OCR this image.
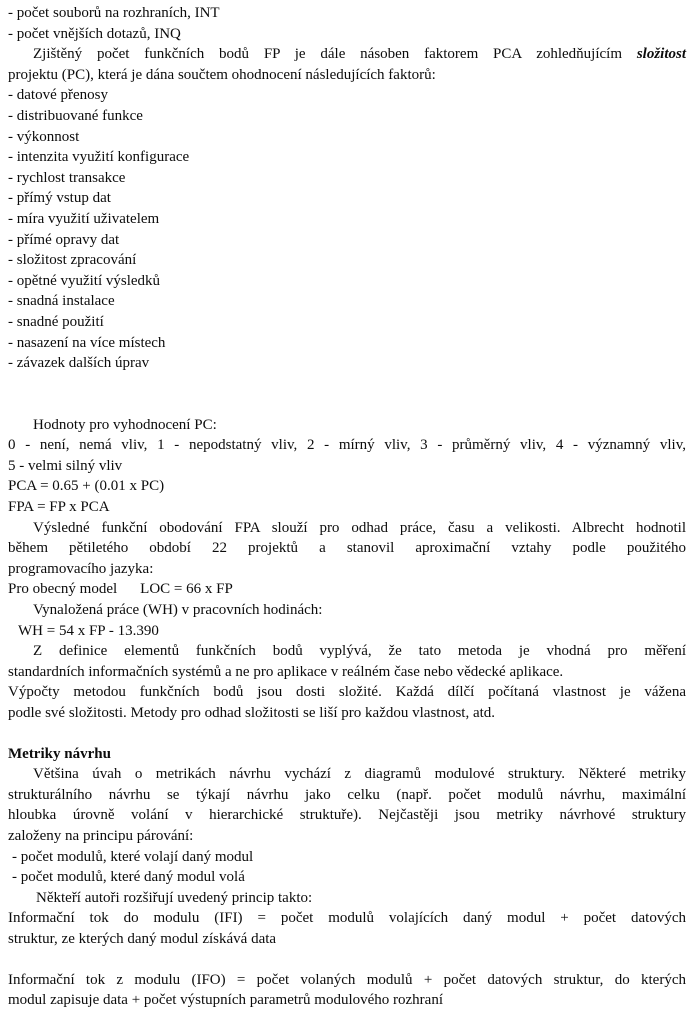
- počet souborů na rozhraních, INT
- počet vnějších dotazů, INQ
Zjištěný počet funkčních bodů FP je dále násoben faktorem PCA zohledňujícím složitost
projektu (PC), která je dána součtem ohodnocení následujících faktorů:
- datové přenosy
- distribuované funkce
- výkonnost
- intenzita využití konfigurace
- rychlost transakce
- přímý vstup dat
- míra využití uživatelem
- přímé opravy dat
- složitost zpracování
- opětné využití výsledků
- snadná instalace
- snadné použití
- nasazení na více místech
- závazek dalších úprav
Hodnoty pro vyhodnocení PC:
0 - není, nemá vliv, 1 - nepodstatný vliv, 2 - mírný vliv, 3 - průměrný vliv, 4 - významný vliv,
5 - velmi silný vliv
PCA = 0.65 + (0.01 x PC)
FPA = FP x PCA
Výsledné funkční obodování FPA slouží pro odhad práce, času a velikosti. Albrecht hodnotil
během pětiletého období 22 projektů a stanovil aproximační vztahy podle použitého
programovacího jazyka:
Pro obecný model LOC = 66 x FP
Vynaložená práce (WH) v pracovních hodinách:
WH = 54 x FP - 13.390
Z definice elementů funkčních bodů vyplývá, že tato metoda je vhodná pro měření
standardních informačních systémů a ne pro aplikace v reálném čase nebo vědecké aplikace.
Výpočty metodou funkčních bodů jsou dosti složité. Každá dílčí počítaná vlastnost je vážena
podle své složitosti. Metody pro odhad složitosti se liší pro každou vlastnost, atd.
Metriky návrhu
Většina úvah o metrikách návrhu vychází z diagramů modulové struktury. Některé metriky
strukturálního návrhu se týkají návrhu jako celku (např. počet modulů návrhu, maximální
hloubka úrovně volání v hierarchické struktuře). Nejčastěji jsou metriky návrhové struktury
založeny na principu párování:
- počet modulů, které volají daný modul
- počet modulů, které daný modul volá
Někteří autoři rozšiřují uvedený princip takto:
Informační tok do modulu (IFI) = počet modulů volajících daný modul + počet datových
struktur, ze kterých daný modul získává data
Informační tok z modulu (IFO) = počet volaných modulů + počet datových struktur, do kterých
modul zapisuje data + počet výstupních parametrů modulového rozhraní
